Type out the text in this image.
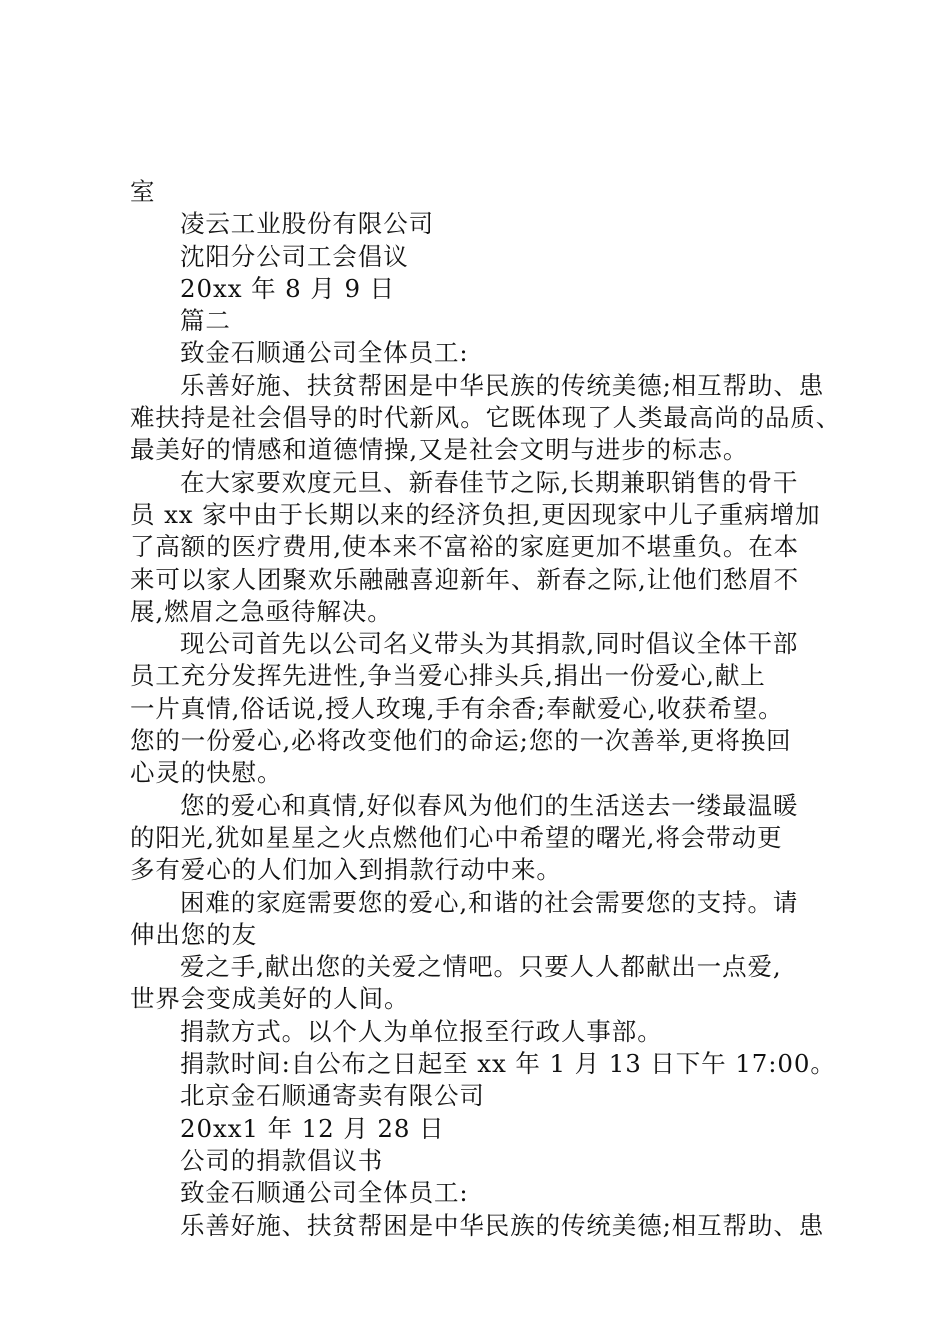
室
凌云工业股份有限公司
沈阳分公司工会倡议
20xx 年 8 月 9 日
篇二
致金石顺通公司全体员工:
乐善好施、扶贫帮困是中华民族的传统美德;相互帮助、患
难扶持是社会倡导的时代新风。它既体现了人类最高尚的品质、
最美好的情感和道德情操,又是社会文明与进步的标志。
在大家要欢度元旦、新春佳节之际,长期兼职销售的骨干
员 xx 家中由于长期以来的经济负担,更因现家中儿子重病增加
了高额的医疗费用,使本来不富裕的家庭更加不堪重负。在本
来可以家人团聚欢乐融融喜迎新年、新春之际,让他们愁眉不
展,燃眉之急亟待解决。
现公司首先以公司名义带头为其捐款,同时倡议全体干部
员工充分发挥先进性,争当爱心排头兵,捐出一份爱心,献上
一片真情,俗话说,授人玫瑰,手有余香;奉献爱心,收获希望。
您的一份爱心,必将改变他们的命运;您的一次善举,更将换回
心灵的快慰。
您的爱心和真情,好似春风为他们的生活送去一缕最温暖
的阳光,犹如星星之火点燃他们心中希望的曙光,将会带动更
多有爱心的人们加入到捐款行动中来。
困难的家庭需要您的爱心,和谐的社会需要您的支持。请
伸出您的友
爱之手,献出您的关爱之情吧。只要人人都献出一点爱,
世界会变成美好的人间。
捐款方式。以个人为单位报至行政人事部。
捐款时间:自公布之日起至 xx 年 1 月 13 日下午 17:00。
北京金石顺通寄卖有限公司
20xx1 年 12 月 28 日
公司的捐款倡议书
致金石顺通公司全体员工:
乐善好施、扶贫帮困是中华民族的传统美德;相互帮助、患
